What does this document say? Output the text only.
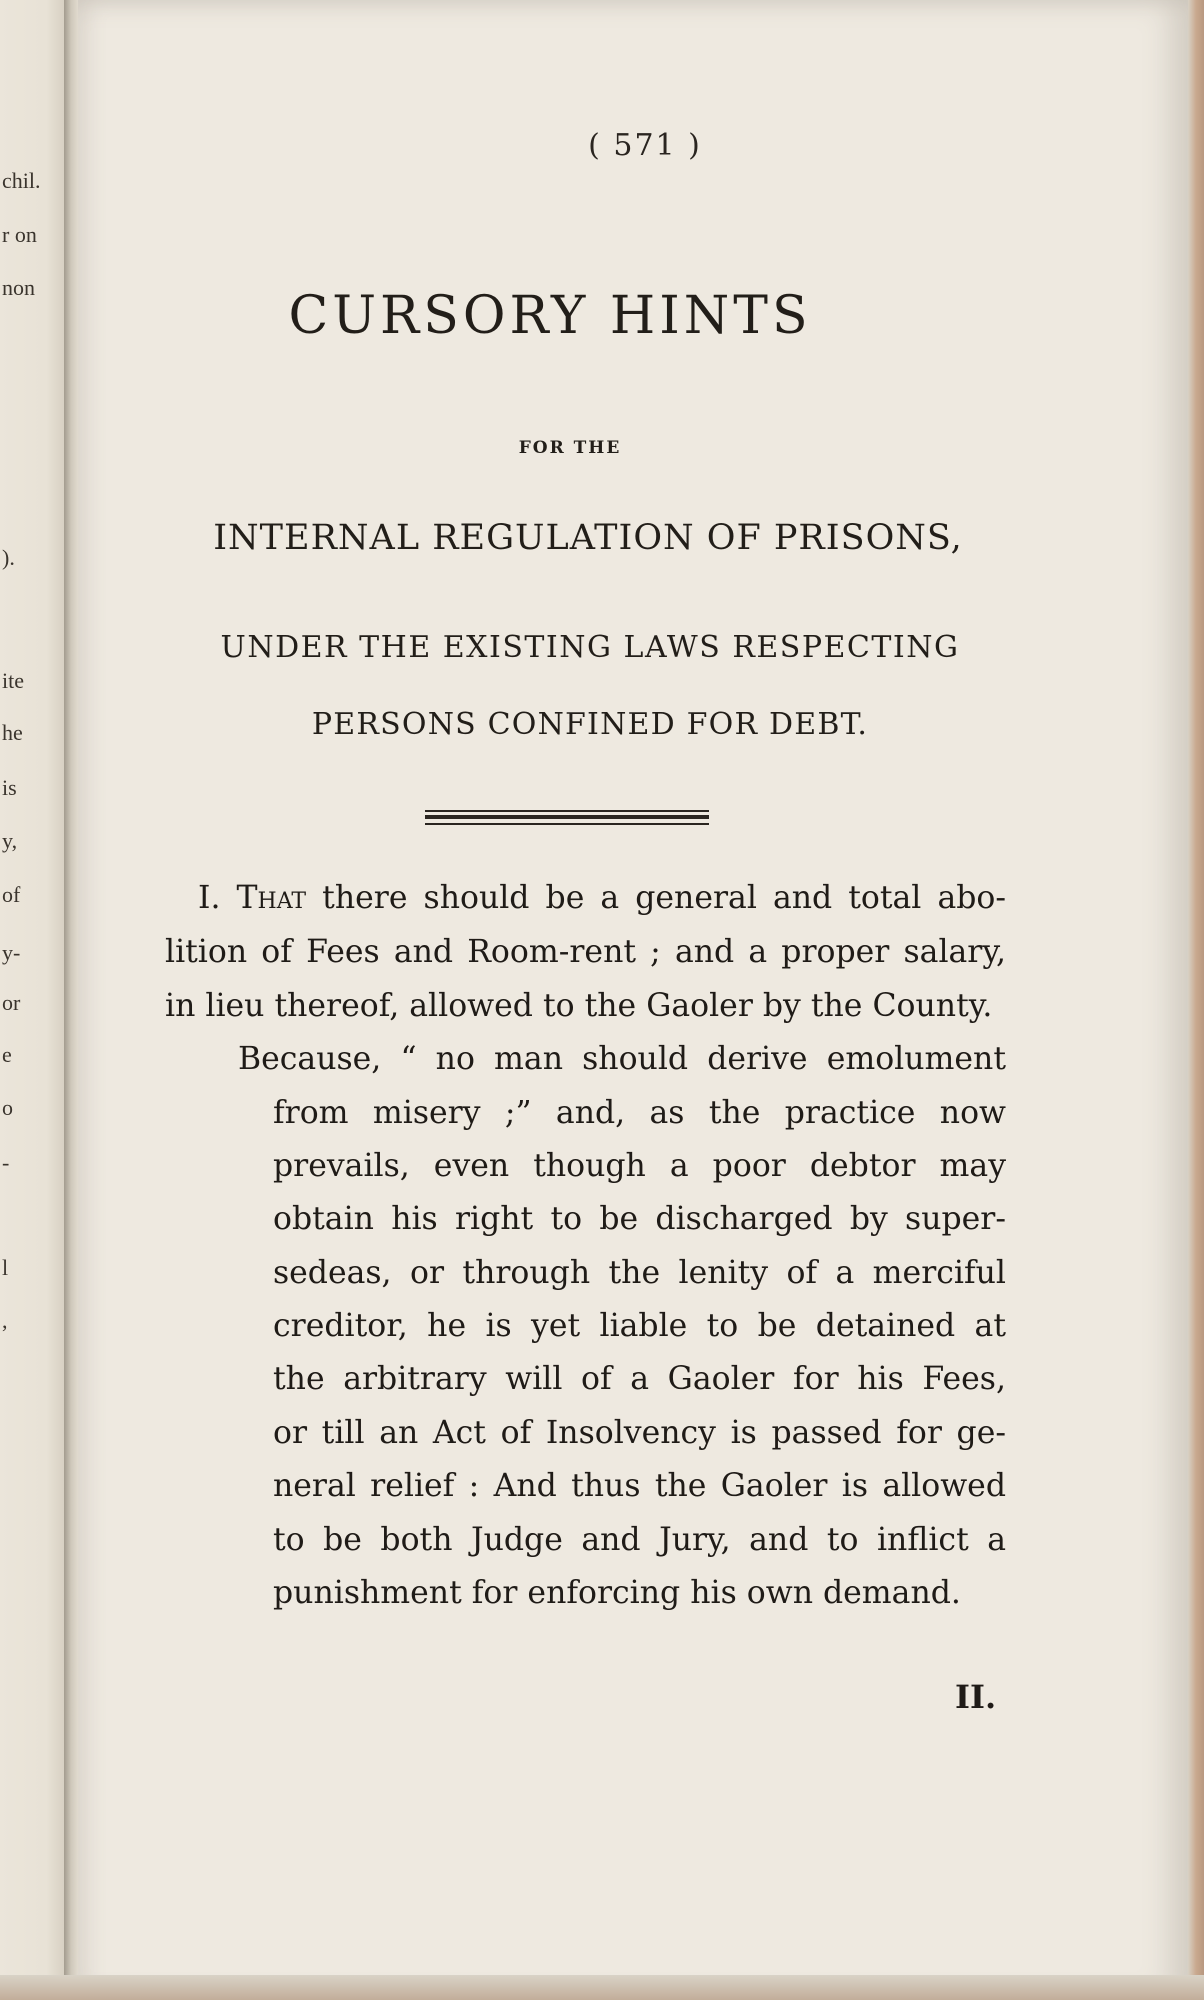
chil.
r on
non
).
ite
he
is
y,
of
y-
or
e
o
-
l
,
( 571 )
CURSORY HINTS
FOR THE
INTERNAL REGULATION OF PRISONS,
UNDER THE EXISTING LAWS RESPECTING
PERSONS CONFINED FOR DEBT.
I. That there should be a general and total abo-
lition of Fees and Room-rent ; and a proper salary,
in lieu thereof, allowed to the Gaoler by the County.
Because, “ no man should derive emolument
from misery ;” and, as the practice now
prevails, even though a poor debtor may
obtain his right to be discharged by super-
sedeas, or through the lenity of a merciful
creditor, he is yet liable to be detained at
the arbitrary will of a Gaoler for his Fees,
or till an Act of Insolvency is passed for ge-
neral relief : And thus the Gaoler is allowed
to be both Judge and Jury, and to inflict a
punishment for enforcing his own demand.
II.
